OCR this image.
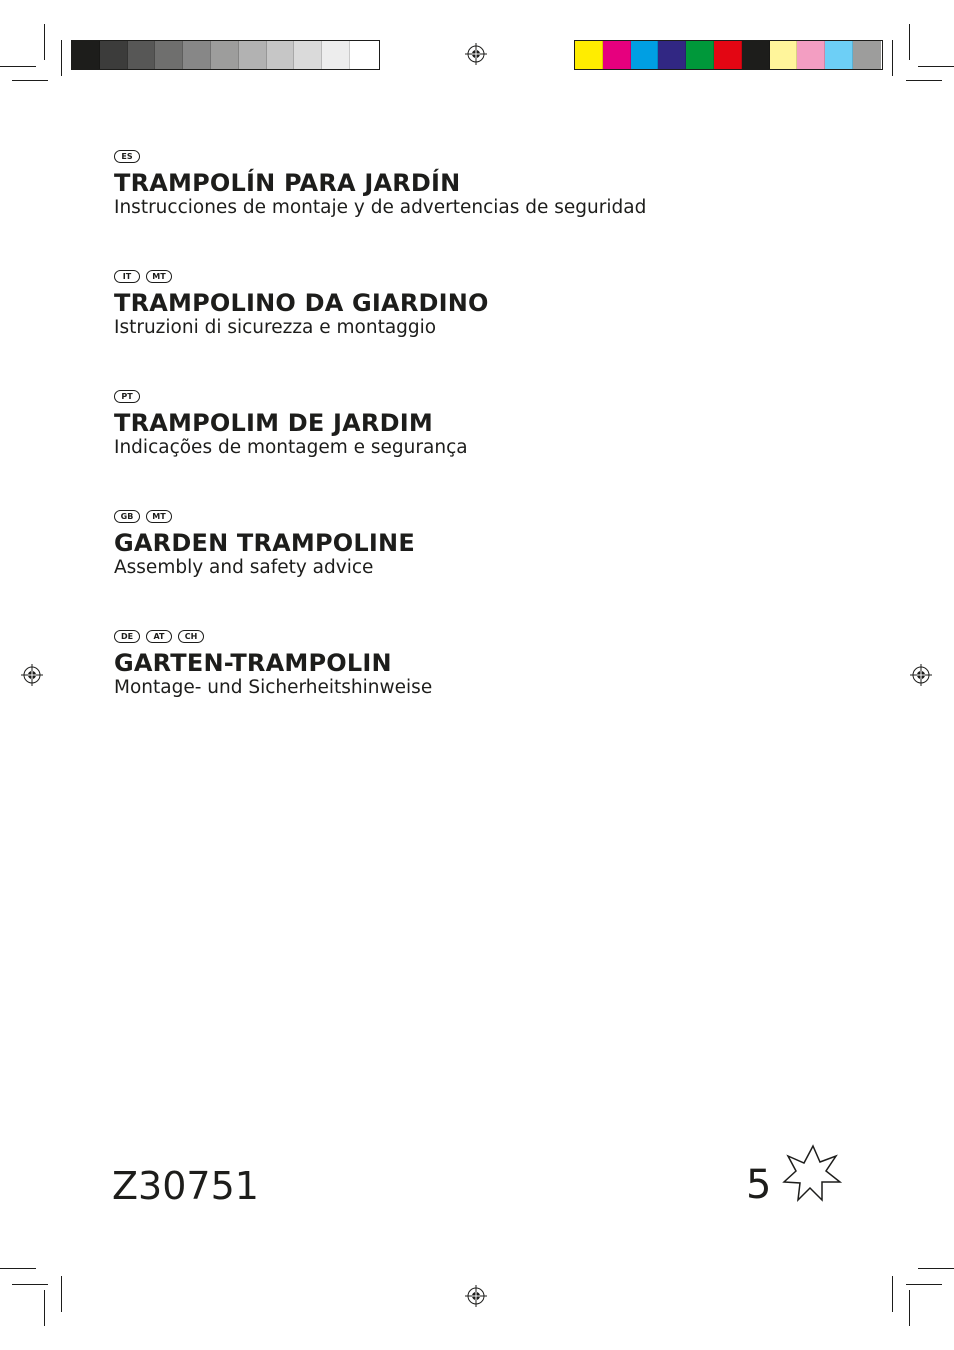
ES
TRAMPOLÍN PARA JARDÍN
Instrucciones de montaje y de advertencias de seguridad
IT	MT
TRAMPOLINO DA GIARDINO
Istruzioni di sicurezza e montaggio
PT
TRAMPOLIM DE JARDIM
Indicações de montagem e segurança
GB	MT
GARDEN TRAMPOLINE
Assembly and safety advice
DE	AT	CH
GARTEN-TRAMPOLIN
Montage- und Sicherheitshinweise
Z30751	5
